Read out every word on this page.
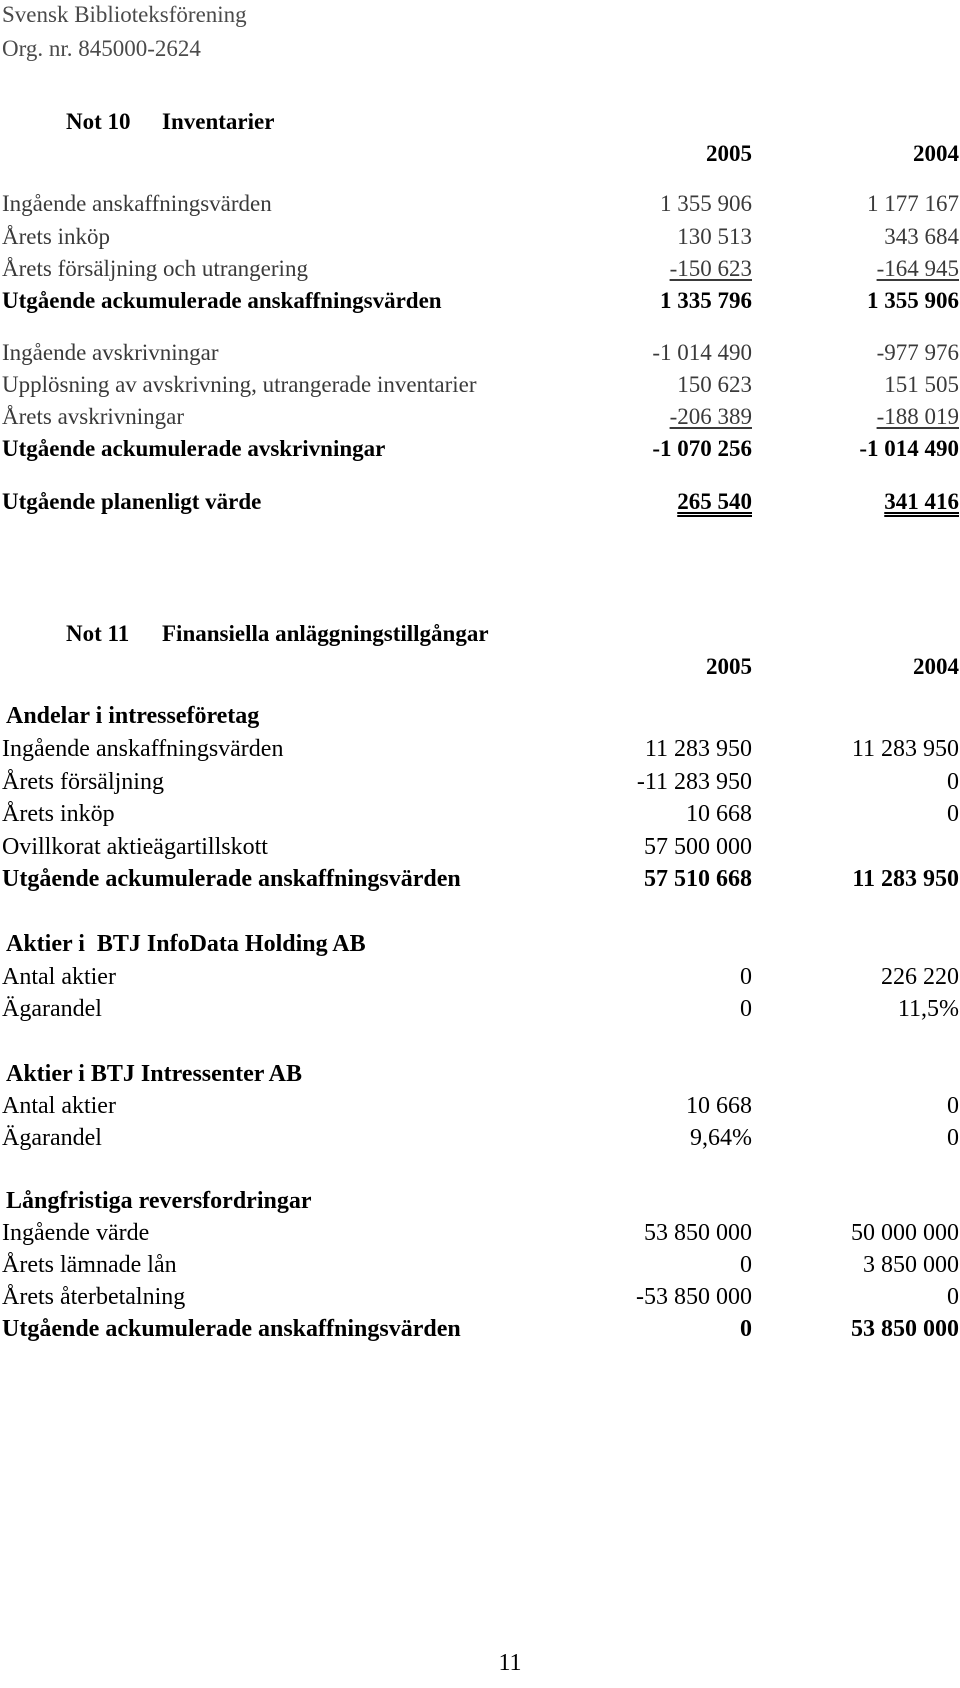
Svensk Biblioteksförening
Org. nr. 845000-2624
Not 10 Inventarier
2005	2004
Ingående anskaffningsvärden	1 355 906	1 177 167
Årets inköp	130 513	343 684
Årets försäljning och utrangering	-150 623	-164 945
Utgående ackumulerade anskaffningsvärden	1 335 796	1 355 906
Ingående avskrivningar	-1 014 490	-977 976
Upplösning av avskrivning, utrangerade inventarier	150 623	151 505
Årets avskrivningar	-206 389	-188 019
Utgående ackumulerade avskrivningar	-1 070 256	-1 014 490
Utgående planenligt värde	265 540	341 416
Not 11 Finansiella anläggningstillgångar
2005	2004
Andelar i intresseföretag
Ingående anskaffningsvärden	11 283 950	11 283 950
Årets försäljning	-11 283 950	0
Årets inköp	10 668	0
Ovillkorat aktieägartillskott	57 500 000
Utgående ackumulerade anskaffningsvärden	57 510 668	11 283 950
Aktier i  BTJ InfoData Holding AB
Antal aktier	0	226 220
Ägarandel	0	11,5%
Aktier i BTJ Intressenter AB
Antal aktier	10 668	0
Ägarandel	9,64%	0
Långfristiga reversfordringar
Ingående värde	53 850 000	50 000 000
Årets lämnade lån	0	3 850 000
Årets återbetalning	-53 850 000	0
Utgående ackumulerade anskaffningsvärden	0	53 850 000
11
